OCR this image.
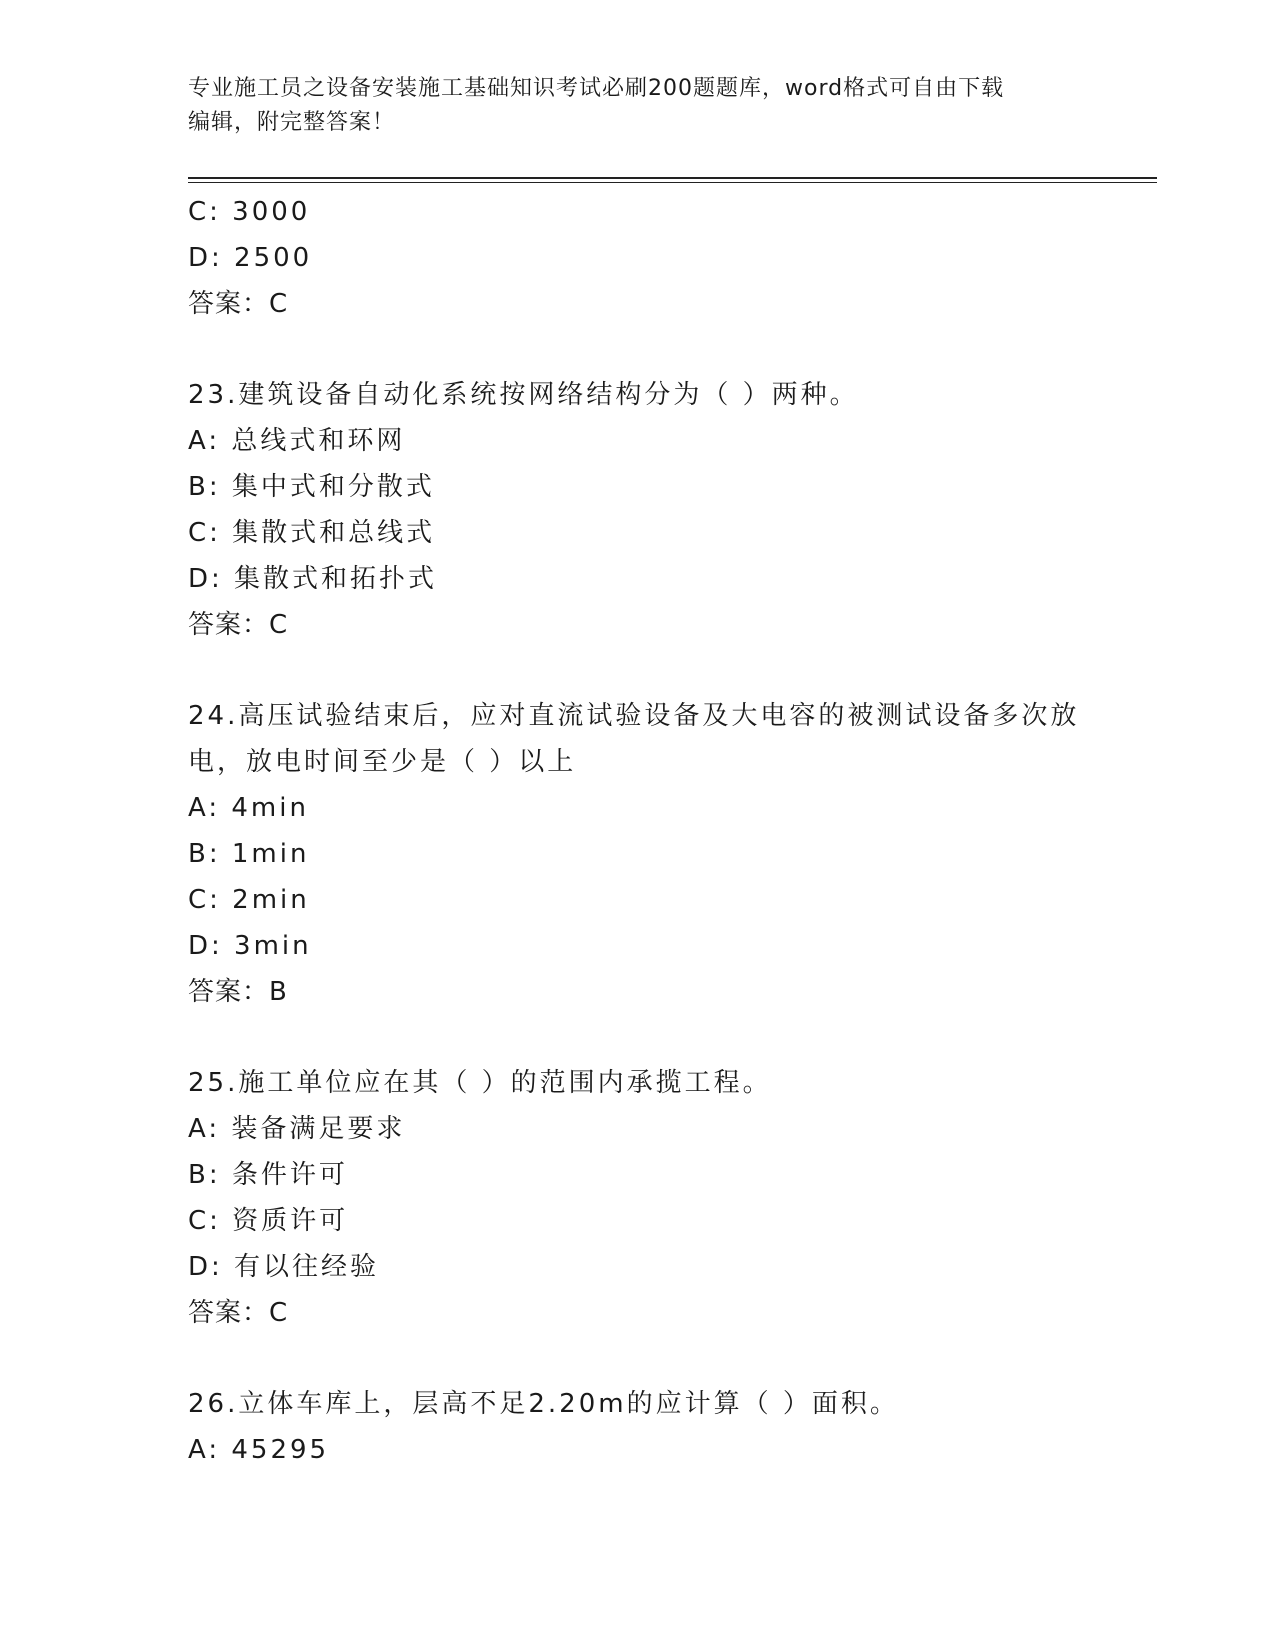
专业施工员之设备安装施工基础知识考试必刷200题题库，word格式可自由下载
编辑，附完整答案！
C: 3000
D: 2500
答案：C
23.建筑设备自动化系统按网络结构分为（ ）两种。
A: 总线式和环网
B: 集中式和分散式
C: 集散式和总线式
D: 集散式和拓扑式
答案：C
24.高压试验结束后，应对直流试验设备及大电容的被测试设备多次放
电，放电时间至少是（ ）以上
A: 4min
B: 1min
C: 2min
D: 3min
答案：B
25.施工单位应在其（ ）的范围内承揽工程。
A: 装备满足要求
B: 条件许可
C: 资质许可
D: 有以往经验
答案：C
26.立体车库上，层高不足2.20m的应计算（ ）面积。
A: 45295
